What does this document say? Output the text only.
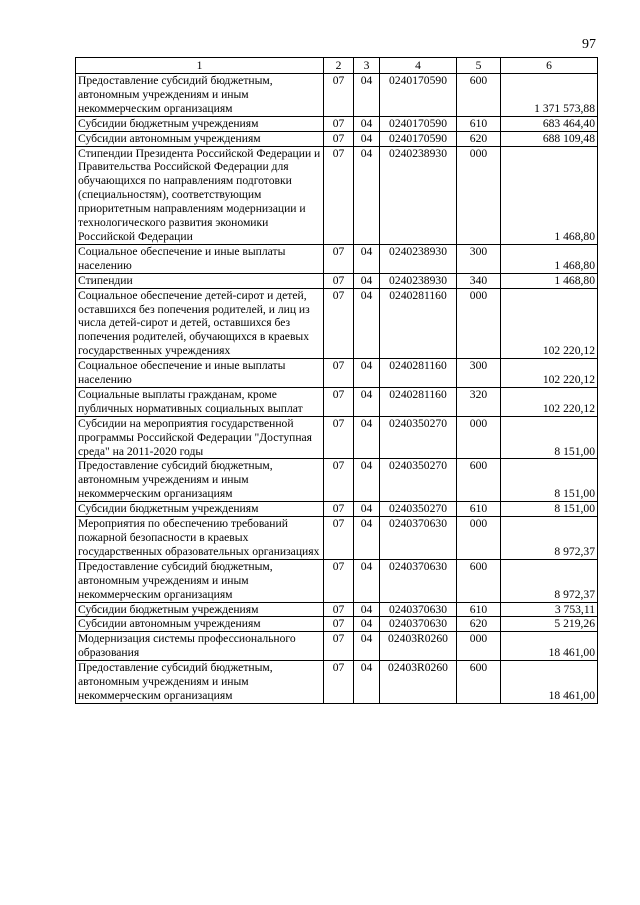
97
1	2	3	4	5	6
Предоставление субсидий бюджетным, автономным учреждениям и иным некоммерческим организациям	07	04	0240170590	600	1 371 573,88
Субсидии бюджетным учреждениям	07	04	0240170590	610	683 464,40
Субсидии автономным учреждениям	07	04	0240170590	620	688 109,48
Стипендии Президента Российской Федерации и Правительства Российской Федерации для обучающихся по направлениям подготовки (специальностям), соответствующим приоритетным направлениям модернизации и технологического развития экономики Российской Федерации	07	04	0240238930	000	1 468,80
Социальное обеспечение и иные выплаты населению	07	04	0240238930	300	1 468,80
Стипендии	07	04	0240238930	340	1 468,80
Социальное обеспечение детей-сирот и детей, оставшихся без попечения родителей, и лиц из числа детей-сирот и детей, оставшихся без попечения родителей, обучающихся в краевых государственных учреждениях	07	04	0240281160	000	102 220,12
Социальное обеспечение и иные выплаты населению	07	04	0240281160	300	102 220,12
Социальные выплаты гражданам, кроме публичных нормативных социальных выплат	07	04	0240281160	320	102 220,12
Субсидии на мероприятия государственной программы Российской Федерации "Доступная среда" на 2011-2020 годы	07	04	0240350270	000	8 151,00
Предоставление субсидий бюджетным, автономным учреждениям и иным некоммерческим организациям	07	04	0240350270	600	8 151,00
Субсидии бюджетным учреждениям	07	04	0240350270	610	8 151,00
Мероприятия по обеспечению требований пожарной безопасности в краевых государственных образовательных организациях	07	04	0240370630	000	8 972,37
Предоставление субсидий бюджетным, автономным учреждениям и иным некоммерческим организациям	07	04	0240370630	600	8 972,37
Субсидии бюджетным учреждениям	07	04	0240370630	610	3 753,11
Субсидии автономным учреждениям	07	04	0240370630	620	5 219,26
Модернизация системы профессионального образования	07	04	02403R0260	000	18 461,00
Предоставление субсидий бюджетным, автономным учреждениям и иным некоммерческим организациям	07	04	02403R0260	600	18 461,00
